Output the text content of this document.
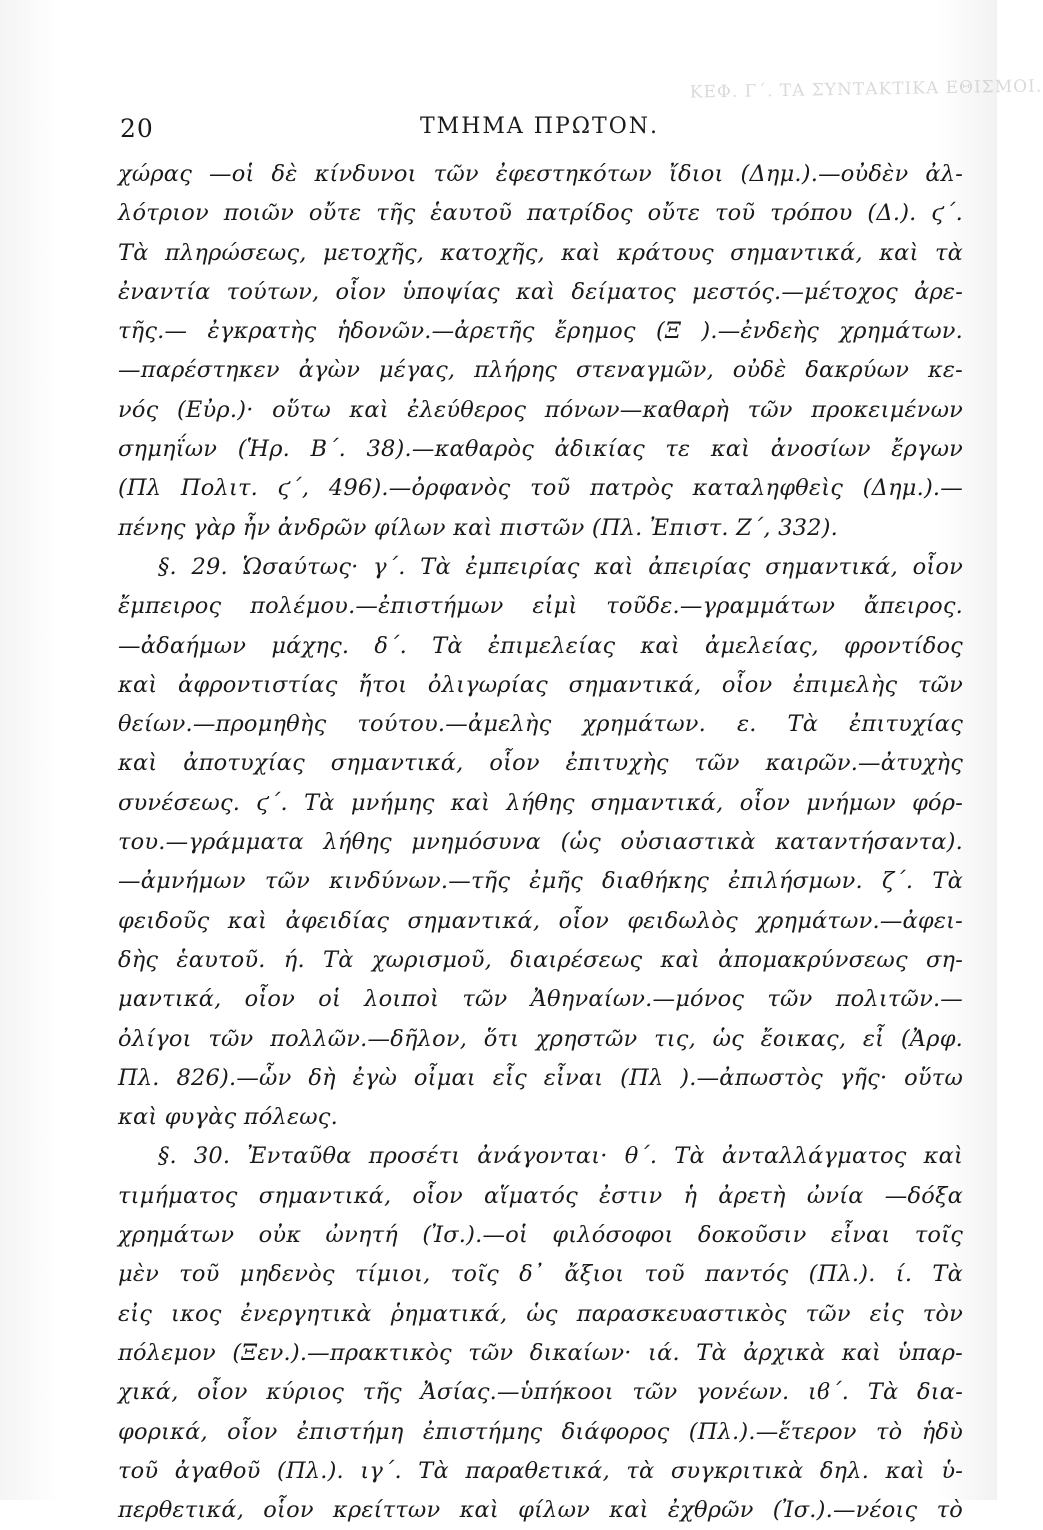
ΚΕΦ. Γ΄. ΤΑ ΣΥΝΤΑΚΤΙΚΑ ΕΘΙΣΜΟΙ.
20	ΤΜΗΜΑ ΠΡΩΤΟΝ.
χώρας —οἱ δὲ κίνδυνοι τῶν ἐφεστηκότων ἴδιοι (Δημ.).—οὐδὲν ἀλ-
λότριον ποιῶν οὔτε τῆς ἑαυτοῦ πατρίδος οὔτε τοῦ τρόπου (Δ.). ϛ΄.
Τὰ πληρώσεως, μετοχῆς, κατοχῆς, καὶ κράτους σημαντικά, καὶ τὰ
ἐναντία τούτων, οἷον ὑποψίας καὶ δείματος μεστός.—μέτοχος ἀρε-
τῆς.— ἐγκρατὴς ἡδονῶν.—ἀρετῆς ἔρημος (Ξ ).—ἐνδεὴς χρημάτων.
—παρέστηκεν ἀγὼν μέγας, πλήρης στεναγμῶν, οὐδὲ δακρύων κε-
νός (Εὐρ.)· οὕτω καὶ ἐλεύθερος πόνων—καθαρὴ τῶν προκειμένων
σημηΐων (Ἡρ. Β΄. 38).—καθαρὸς ἀδικίας τε καὶ ἀνοσίων ἔργων
(Πλ Πολιτ. ϛ΄, 496).—ὀρφανὸς τοῦ πατρὸς καταληφθεὶς (Δημ.).—
πένης γὰρ ἦν ἀνδρῶν φίλων καὶ πιστῶν (Πλ. Ἐπιστ. Ζ΄, 332).
§. 29. Ὡσαύτως· γ΄. Τὰ ἐμπειρίας καὶ ἀπειρίας σημαντικά, οἷον
ἔμπειρος πολέμου.—ἐπιστήμων εἰμὶ τοῦδε.—γραμμάτων ἄπειρος.
—ἀδαήμων μάχης. δ΄. Τὰ ἐπιμελείας καὶ ἀμελείας, φροντίδος
καὶ ἀφροντιστίας ἤτοι ὀλιγωρίας σημαντικά, οἷον ἐπιμελὴς τῶν
θείων.—προμηθὴς τούτου.—ἀμελὴς χρημάτων. ε. Τὰ ἐπιτυχίας
καὶ ἀποτυχίας σημαντικά, οἷον ἐπιτυχὴς τῶν καιρῶν.—ἀτυχὴς
συνέσεως. ϛ΄. Τὰ μνήμης καὶ λήθης σημαντικά, οἷον μνήμων φόρ-
του.—γράμματα λήθης μνημόσυνα (ὡς οὐσιαστικὰ καταντήσαντα).
—ἀμνήμων τῶν κινδύνων.—τῆς ἐμῆς διαθήκης ἐπιλήσμων. ζ΄. Τὰ
φειδοῦς καὶ ἀφειδίας σημαντικά, οἷον φειδωλὸς χρημάτων.—ἀφει-
δὴς ἑαυτοῦ. ή. Τὰ χωρισμοῦ, διαιρέσεως καὶ ἀπομακρύνσεως ση-
μαντικά, οἷον οἱ λοιποὶ τῶν Ἀθηναίων.—μόνος τῶν πολιτῶν.—
ὀλίγοι τῶν πολλῶν.—δῆλον, ὅτι χρηστῶν τις, ὡς ἔοικας, εἶ (Ἀρφ.
Πλ. 826).—ὧν δὴ ἐγὼ οἶμαι εἷς εἶναι (Πλ ).—ἀπωστὸς γῆς· οὕτω
καὶ φυγὰς πόλεως.
§. 30. Ἐνταῦθα προσέτι ἀνάγονται· θ΄. Τὰ ἀνταλλάγματος καὶ
τιμήματος σημαντικά, οἷον αἵματός ἐστιν ἡ ἀρετὴ ὠνία —δόξα
χρημάτων οὐκ ὠνητή (Ἰσ.).—οἱ φιλόσοφοι δοκοῦσιν εἶναι τοῖς
μὲν τοῦ μηδενὸς τίμιοι, τοῖς δ᾽ ἄξιοι τοῦ παντός (Πλ.). ί. Τὰ
εἰς ικος ἐνεργητικὰ ῥηματικά, ὡς παρασκευαστικὸς τῶν εἰς τὸν
πόλεμον (Ξεν.).—πρακτικὸς τῶν δικαίων· ιά. Τὰ ἀρχικὰ καὶ ὑπαρ-
χικά, οἷον κύριος τῆς Ἀσίας.—ὑπήκοοι τῶν γονέων. ιϐ΄. Τὰ δια-
φορικά, οἷον ἐπιστήμη ἐπιστήμης διάφορος (Πλ.).—ἕτερον τὸ ἡδὺ
τοῦ ἀγαθοῦ (Πλ.). ιγ΄. Τὰ παραθετικά, τὰ συγκριτικὰ δηλ. καὶ ὑ-
περθετικά, οἷον κρείττων καὶ φίλων καὶ ἐχθρῶν (Ἰσ.).—νέοις τὸ
